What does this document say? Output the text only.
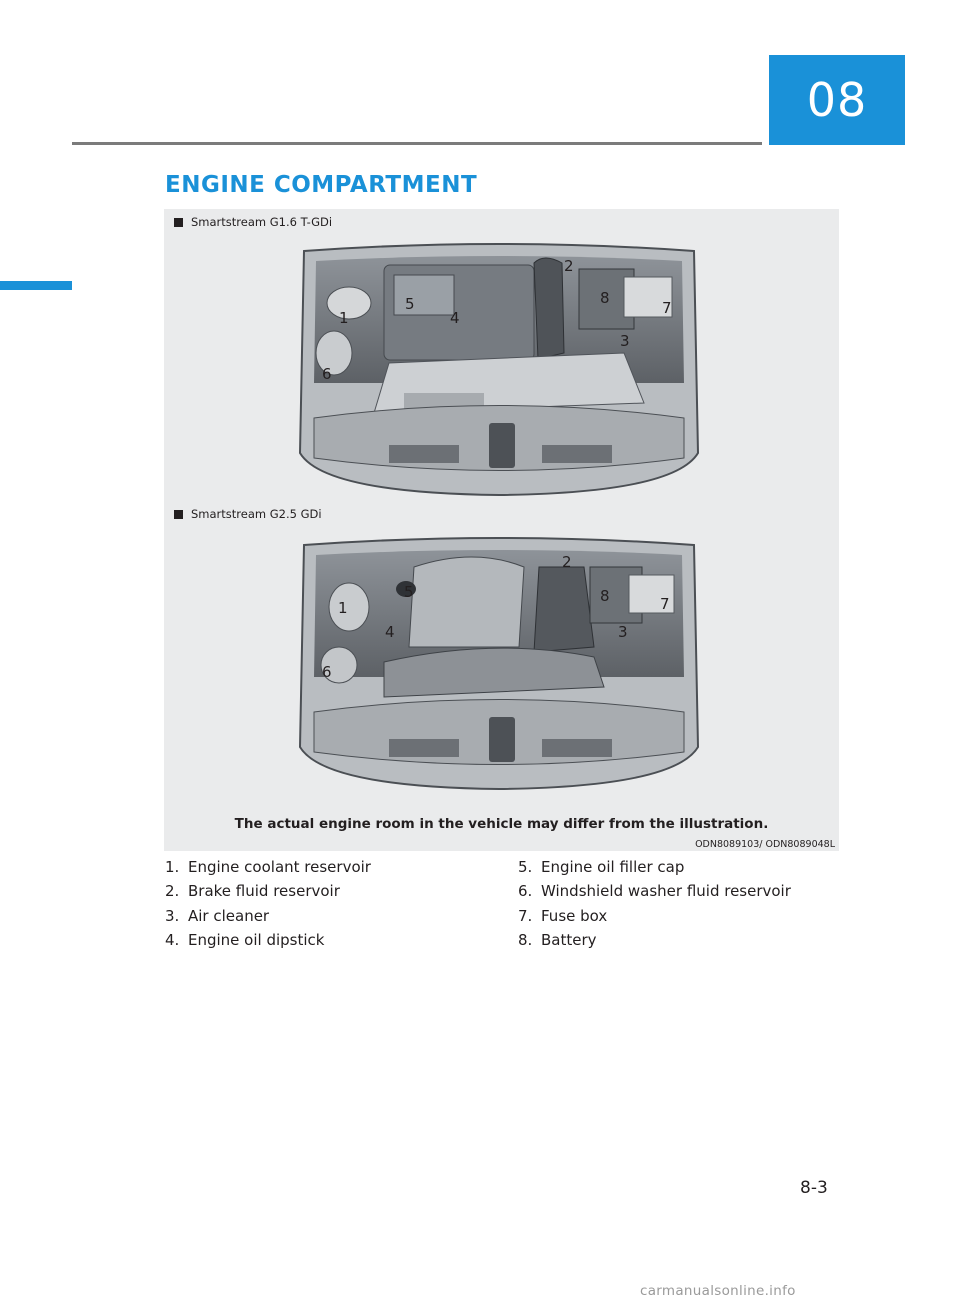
08
ENGINE COMPARTMENT
Smartstream G1.6 T-GDi
1
2
3
4
5
6
7
8
Smartstream G2.5 GDi
1
2
3
4
5
6
7
8
The actual engine room in the vehicle may differ from the illustration.
ODN8089103/ ODN8089048L
1. Engine coolant reservoir
2. Brake fluid reservoir
3. Air cleaner
4. Engine oil dipstick
5. Engine oil filler cap
6. Windshield washer fluid reservoir
7. Fuse box
8. Battery
8-3
carmanualsonline.info
